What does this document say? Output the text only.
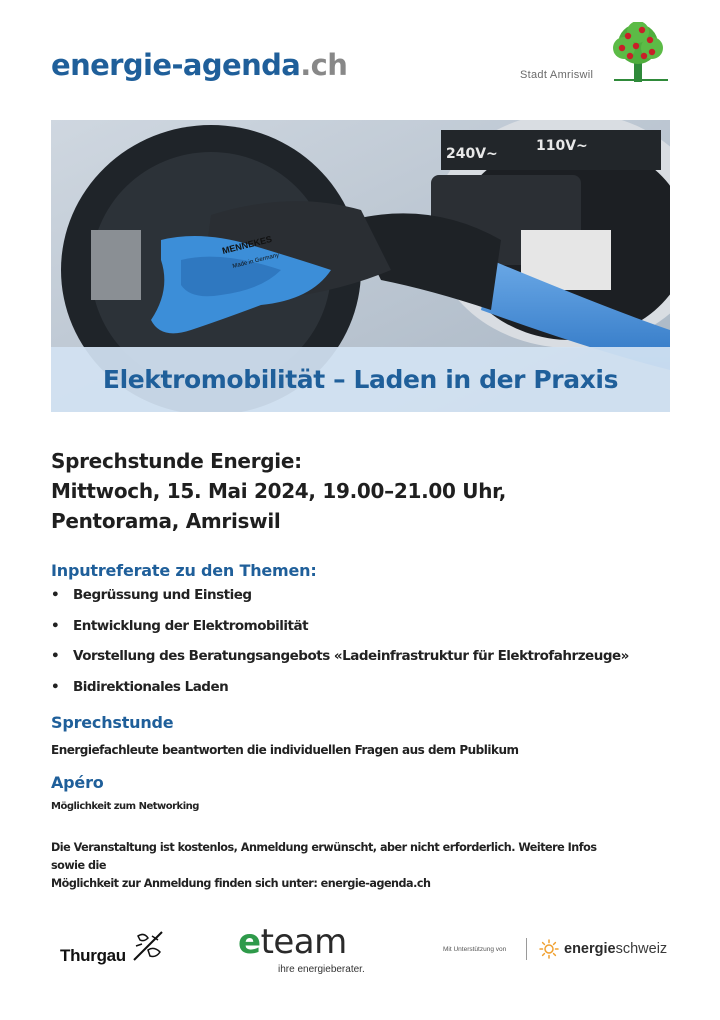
energie-agenda.ch	Stadt Amriswil
240V~	110V~
MENNEKES
Made in Germany
Elektromobilität – Laden in der Praxis
Sprechstunde Energie:
Mittwoch, 15. Mai 2024, 19.00–21.00 Uhr,
Pentorama, Amriswil
Inputreferate zu den Themen:
• Begrüssung und Einstieg
• Entwicklung der Elektromobilität
• Vorstellung des Beratungsangebots «Ladeinfrastruktur für Elektrofahrzeuge»
• Bidirektionales Laden
Sprechstunde
Energiefachleute beantworten die individuellen Fragen aus dem Publikum
Apéro
Möglichkeit zum Networking
Die Veranstaltung ist kostenlos, Anmeldung erwünscht, aber nicht erforderlich. Weitere Infos sowie die
Möglichkeit zur Anmeldung finden sich unter: energie-agenda.ch
Thurgau	eteam
ihre energieberater.
Mit Unterstützung von	energieschweiz
